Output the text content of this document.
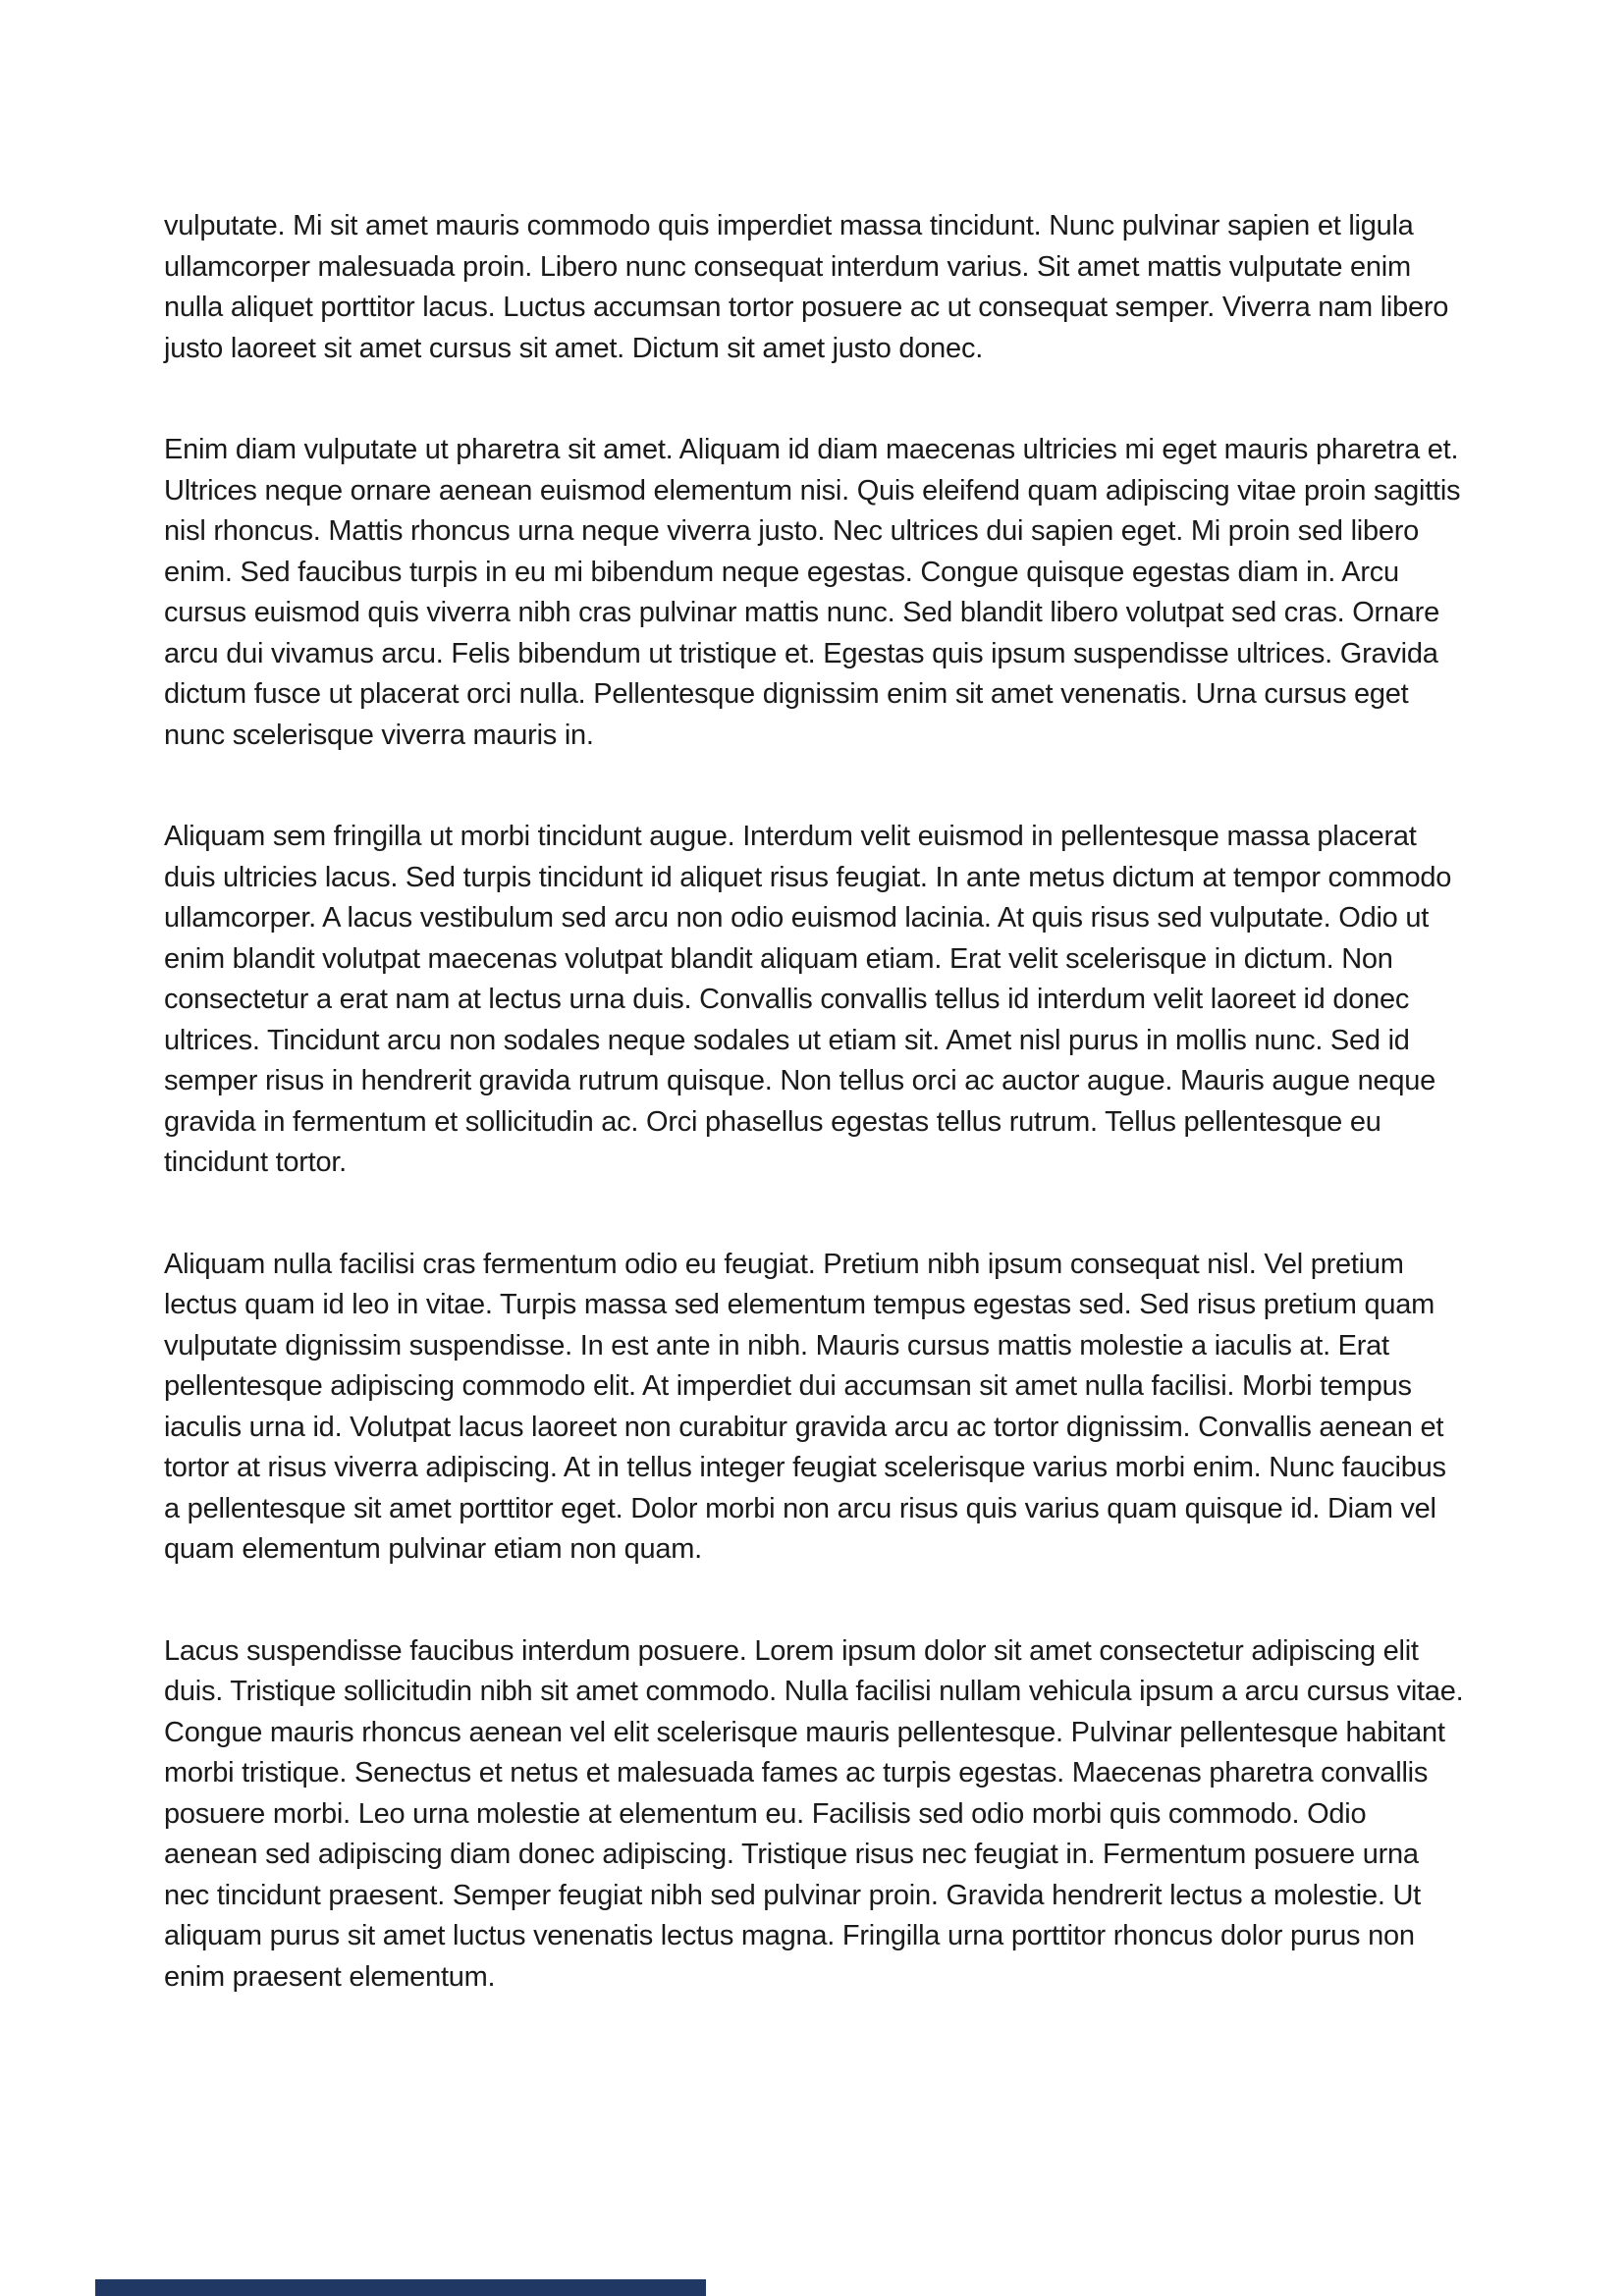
vulputate. Mi sit amet mauris commodo quis imperdiet massa tincidunt. Nunc pulvinar sapien et ligula ullamcorper malesuada proin. Libero nunc consequat interdum varius. Sit amet mattis vulputate enim nulla aliquet porttitor lacus. Luctus accumsan tortor posuere ac ut consequat semper. Viverra nam libero justo laoreet sit amet cursus sit amet. Dictum sit amet justo donec.

Enim diam vulputate ut pharetra sit amet. Aliquam id diam maecenas ultricies mi eget mauris pharetra et. Ultrices neque ornare aenean euismod elementum nisi. Quis eleifend quam adipiscing vitae proin sagittis nisl rhoncus. Mattis rhoncus urna neque viverra justo. Nec ultrices dui sapien eget. Mi proin sed libero enim. Sed faucibus turpis in eu mi bibendum neque egestas. Congue quisque egestas diam in. Arcu cursus euismod quis viverra nibh cras pulvinar mattis nunc. Sed blandit libero volutpat sed cras. Ornare arcu dui vivamus arcu. Felis bibendum ut tristique et. Egestas quis ipsum suspendisse ultrices. Gravida dictum fusce ut placerat orci nulla. Pellentesque dignissim enim sit amet venenatis. Urna cursus eget nunc scelerisque viverra mauris in.

Aliquam sem fringilla ut morbi tincidunt augue. Interdum velit euismod in pellentesque massa placerat duis ultricies lacus. Sed turpis tincidunt id aliquet risus feugiat. In ante metus dictum at tempor commodo ullamcorper. A lacus vestibulum sed arcu non odio euismod lacinia. At quis risus sed vulputate. Odio ut enim blandit volutpat maecenas volutpat blandit aliquam etiam. Erat velit scelerisque in dictum. Non consectetur a erat nam at lectus urna duis. Convallis convallis tellus id interdum velit laoreet id donec ultrices. Tincidunt arcu non sodales neque sodales ut etiam sit. Amet nisl purus in mollis nunc. Sed id semper risus in hendrerit gravida rutrum quisque. Non tellus orci ac auctor augue. Mauris augue neque gravida in fermentum et sollicitudin ac. Orci phasellus egestas tellus rutrum. Tellus pellentesque eu tincidunt tortor.

Aliquam nulla facilisi cras fermentum odio eu feugiat. Pretium nibh ipsum consequat nisl. Vel pretium lectus quam id leo in vitae. Turpis massa sed elementum tempus egestas sed. Sed risus pretium quam vulputate dignissim suspendisse. In est ante in nibh. Mauris cursus mattis molestie a iaculis at. Erat pellentesque adipiscing commodo elit. At imperdiet dui accumsan sit amet nulla facilisi. Morbi tempus iaculis urna id. Volutpat lacus laoreet non curabitur gravida arcu ac tortor dignissim. Convallis aenean et tortor at risus viverra adipiscing. At in tellus integer feugiat scelerisque varius morbi enim. Nunc faucibus a pellentesque sit amet porttitor eget. Dolor morbi non arcu risus quis varius quam quisque id. Diam vel quam elementum pulvinar etiam non quam.

Lacus suspendisse faucibus interdum posuere. Lorem ipsum dolor sit amet consectetur adipiscing elit duis. Tristique sollicitudin nibh sit amet commodo. Nulla facilisi nullam vehicula ipsum a arcu cursus vitae. Congue mauris rhoncus aenean vel elit scelerisque mauris pellentesque. Pulvinar pellentesque habitant morbi tristique. Senectus et netus et malesuada fames ac turpis egestas. Maecenas pharetra convallis posuere morbi. Leo urna molestie at elementum eu. Facilisis sed odio morbi quis commodo. Odio aenean sed adipiscing diam donec adipiscing. Tristique risus nec feugiat in. Fermentum posuere urna nec tincidunt praesent. Semper feugiat nibh sed pulvinar proin. Gravida hendrerit lectus a molestie. Ut aliquam purus sit amet luctus venenatis lectus magna. Fringilla urna porttitor rhoncus dolor purus non enim praesent elementum.
